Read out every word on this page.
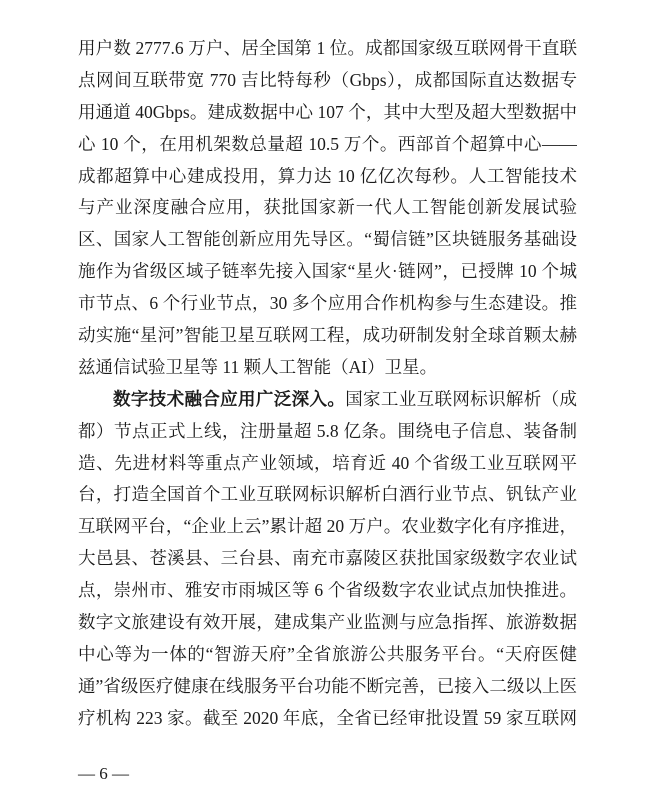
用户数 2777.6 万户、居全国第 1 位。成都国家级互联网骨干直联
点网间互联带宽 770 吉比特每秒（Gbps），成都国际直达数据专
用通道 40Gbps。建成数据中心 107 个，其中大型及超大型数据中
心 10 个，在用机架数总量超 10.5 万个。西部首个超算中心——
成都超算中心建成投用，算力达 10 亿亿次每秒。人工智能技术
与产业深度融合应用，获批国家新一代人工智能创新发展试验
区、国家人工智能创新应用先导区。“蜀信链”区块链服务基础设
施作为省级区域子链率先接入国家“星火·链网”，已授牌 10 个城
市节点、6 个行业节点，30 多个应用合作机构参与生态建设。推
动实施“星河”智能卫星互联网工程，成功研制发射全球首颗太赫
兹通信试验卫星等 11 颗人工智能（AI）卫星。
数字技术融合应用广泛深入。国家工业互联网标识解析（成
都）节点正式上线，注册量超 5.8 亿条。围绕电子信息、装备制
造、先进材料等重点产业领域，培育近 40 个省级工业互联网平
台，打造全国首个工业互联网标识解析白酒行业节点、钒钛产业
互联网平台，“企业上云”累计超 20 万户。农业数字化有序推进，
大邑县、苍溪县、三台县、南充市嘉陵区获批国家级数字农业试
点，崇州市、雅安市雨城区等 6 个省级数字农业试点加快推进。
数字文旅建设有效开展，建成集产业监测与应急指挥、旅游数据
中心等为一体的“智游天府”全省旅游公共服务平台。“天府医健
通”省级医疗健康在线服务平台功能不断完善，已接入二级以上医
疗机构 223 家。截至 2020 年底，全省已经审批设置 59 家互联网
— 6 —
